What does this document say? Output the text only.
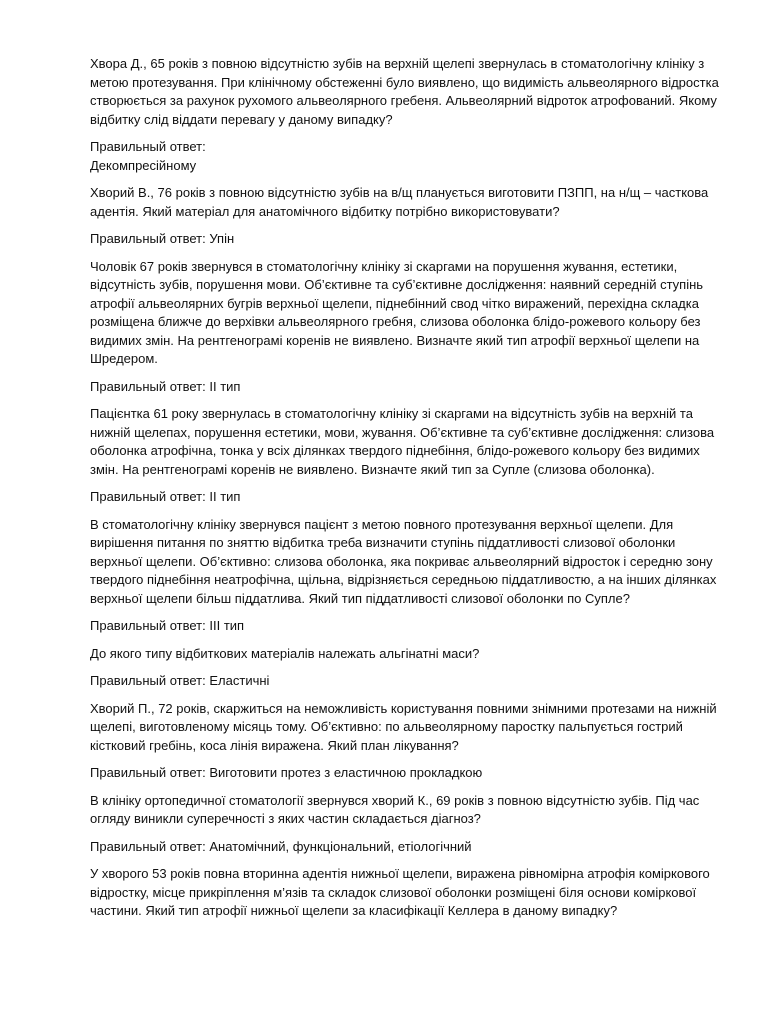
Хвора Д., 65 років з повною відсутністю зубів на верхній щелепі звернулась в стоматологічну клініку з метою протезування. При клінічному обстеженні було виявлено, що видимість альвеолярного відростка створюється за рахунок рухомого альвеолярного гребеня. Альвеолярний відроток атрофований. Якому відбитку слід віддати перевагу у даному випадку?

Правильный ответ:

Декомпресійному

Хворий В., 76 років з повною відсутністю зубів на в/щ планується виготовити ПЗПП, на н/щ – часткова адентія. Який матеріал для анатомічного відбитку потрібно використовувати?

Правильный ответ: Упін

Чоловік 67 років звернувся в стоматологічну клініку зі скаргами на порушення жування, естетики, відсутність зубів, порушення мови. Об’єктивне та суб’єктивне дослідження: наявний середній ступінь атрофії альвеолярних бугрів верхньої щелепи, піднебінний свод чітко виражений, перехідна складка розміщена ближче до верхівки альвеолярного гребня, слизова оболонка блідо-рожевого кольору без видимих змін. На рентгенограмі коренів не виявлено. Визначте який тип атрофії верхньої щелепи на Шредером.

Правильный ответ: ІІ тип

Пацієнтка 61 року звернулась в стоматологічну клініку зі скаргами на відсутність зубів на верхній та нижній щелепах, порушення естетики, мови, жування. Об’єктивне та суб’єктивне дослідження: слизова оболонка атрофічна, тонка у всіх ділянках твердого піднебіння, блідо-рожевого кольору без видимих змін. На рентгенограмі коренів не виявлено. Визначте який тип за Супле (слизова оболонка).

Правильный ответ: ІІ тип

В стоматологічну клініку звернувся пацієнт з метою повного протезування верхньої щелепи. Для вирішення питання по зняттю відбитка треба визначити ступінь піддатливості слизової оболонки верхньої щелепи. Об’єктивно: слизова оболонка, яка покриває альвеолярний відросток і середню зону твердого піднебіння неатрофічна, щільна, відрізняється середньою піддатливостю, а на інших ділянках верхньої щелепи більш піддатлива. Який тип піддатливості слизової оболонки по Супле?

Правильный ответ: ІІІ тип

До якого типу відбиткових матеріалів належать альгінатні маси?

Правильный ответ: Еластичні

Хворий П., 72 років, скаржиться на неможливість користування повними знімними протезами на нижній щелепі, виготовленому місяць тому. Об’єктивно: по альвеолярному паростку пальпується гострий кістковий гребінь, коса лінія виражена. Який план лікування?

Правильный ответ: Виготовити протез з еластичною прокладкою

В клініку ортопедичної стоматології звернувся хворий К., 69 років з повною відсутністю зубів. Під час огляду виникли суперечності з яких частин складається діагноз?

Правильный ответ: Анатомічний, функціональний, етіологічний

У хворого 53 років повна вторинна адентія нижньої щелепи, виражена рівномірна атрофія коміркового відростку, місце прикріплення м’язів та складок слизової оболонки розміщені біля основи коміркової частини. Який тип атрофії нижньої щелепи за класифікації Келлера в даному випадку?
